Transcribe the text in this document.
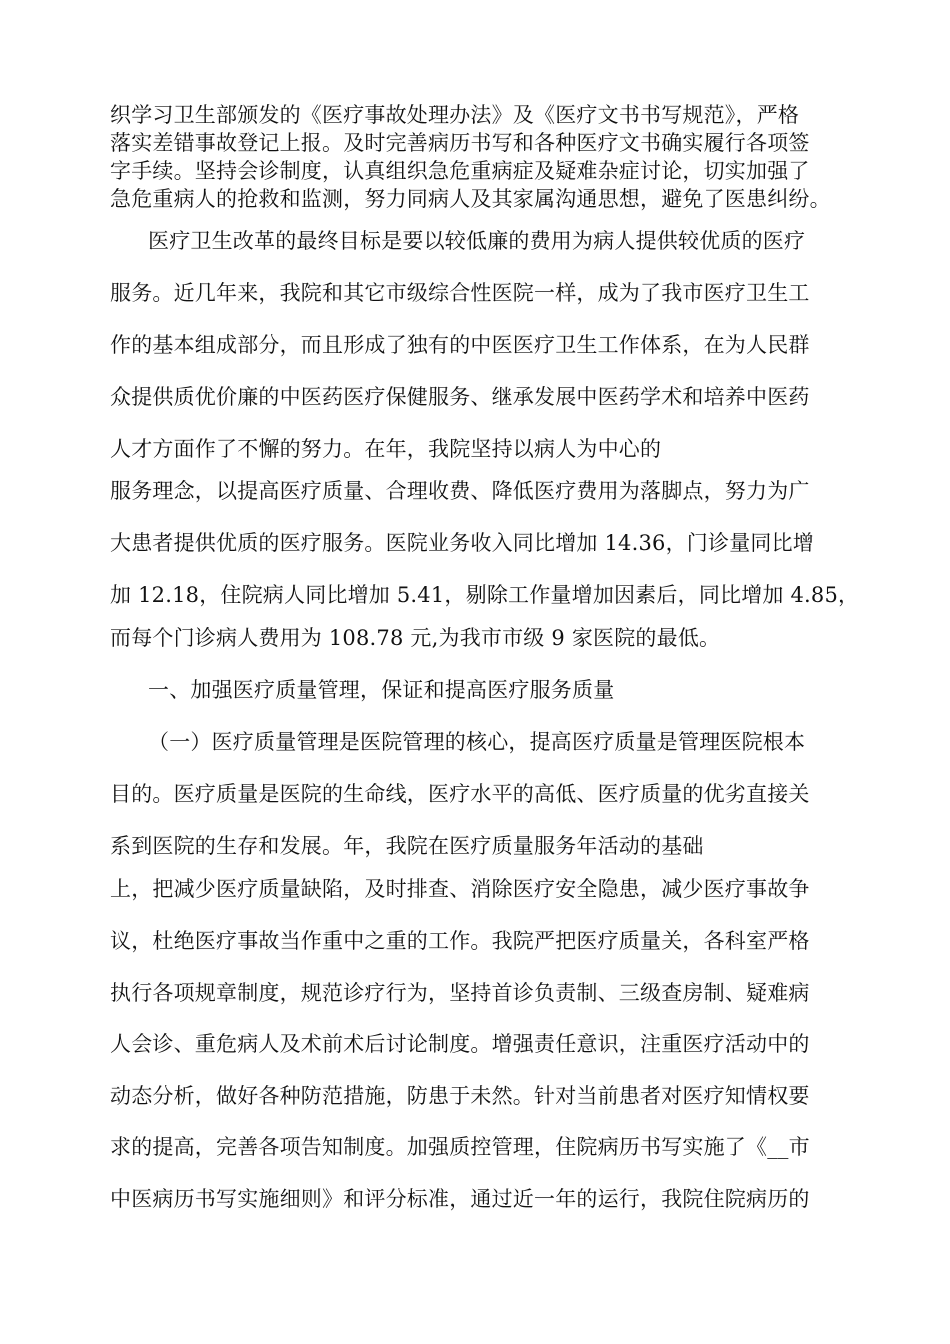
织学习卫生部颁发的《医疗事故处理办法》及《医疗文书书写规范》，严格
落实差错事故登记上报。及时完善病历书写和各种医疗文书确实履行各项签
字手续。坚持会诊制度，认真组织急危重病症及疑难杂症讨论，切实加强了
急危重病人的抢救和监测，努力同病人及其家属沟通思想，避免了医患纠纷。
医疗卫生改革的最终目标是要以较低廉的费用为病人提供较优质的医疗
服务。近几年来，我院和其它市级综合性医院一样，成为了我市医疗卫生工
作的基本组成部分，而且形成了独有的中医医疗卫生工作体系，在为人民群
众提供质优价廉的中医药医疗保健服务、继承发展中医药学术和培养中医药
人才方面作了不懈的努力。在年，我院坚持以病人为中心的
服务理念，以提高医疗质量、合理收费、降低医疗费用为落脚点，努力为广
大患者提供优质的医疗服务。医院业务收入同比增加 14.36，门诊量同比增
加 12.18，住院病人同比增加 5.41，剔除工作量增加因素后，同比增加 4.85，
而每个门诊病人费用为 108.78 元,为我市市级 9 家医院的最低。
一、加强医疗质量管理，保证和提高医疗服务质量
（一）医疗质量管理是医院管理的核心，提高医疗质量是管理医院根本
目的。医疗质量是医院的生命线，医疗水平的高低、医疗质量的优劣直接关
系到医院的生存和发展。年，我院在医疗质量服务年活动的基础
上，把减少医疗质量缺陷，及时排查、消除医疗安全隐患，减少医疗事故争
议，杜绝医疗事故当作重中之重的工作。我院严把医疗质量关，各科室严格
执行各项规章制度，规范诊疗行为，坚持首诊负责制、三级查房制、疑难病
人会诊、重危病人及术前术后讨论制度。增强责任意识，注重医疗活动中的
动态分析，做好各种防范措施，防患于未然。针对当前患者对医疗知情权要
求的提高，完善各项告知制度。加强质控管理，住院病历书写实施了《__市
中医病历书写实施细则》和评分标准，通过近一年的运行，我院住院病历的
